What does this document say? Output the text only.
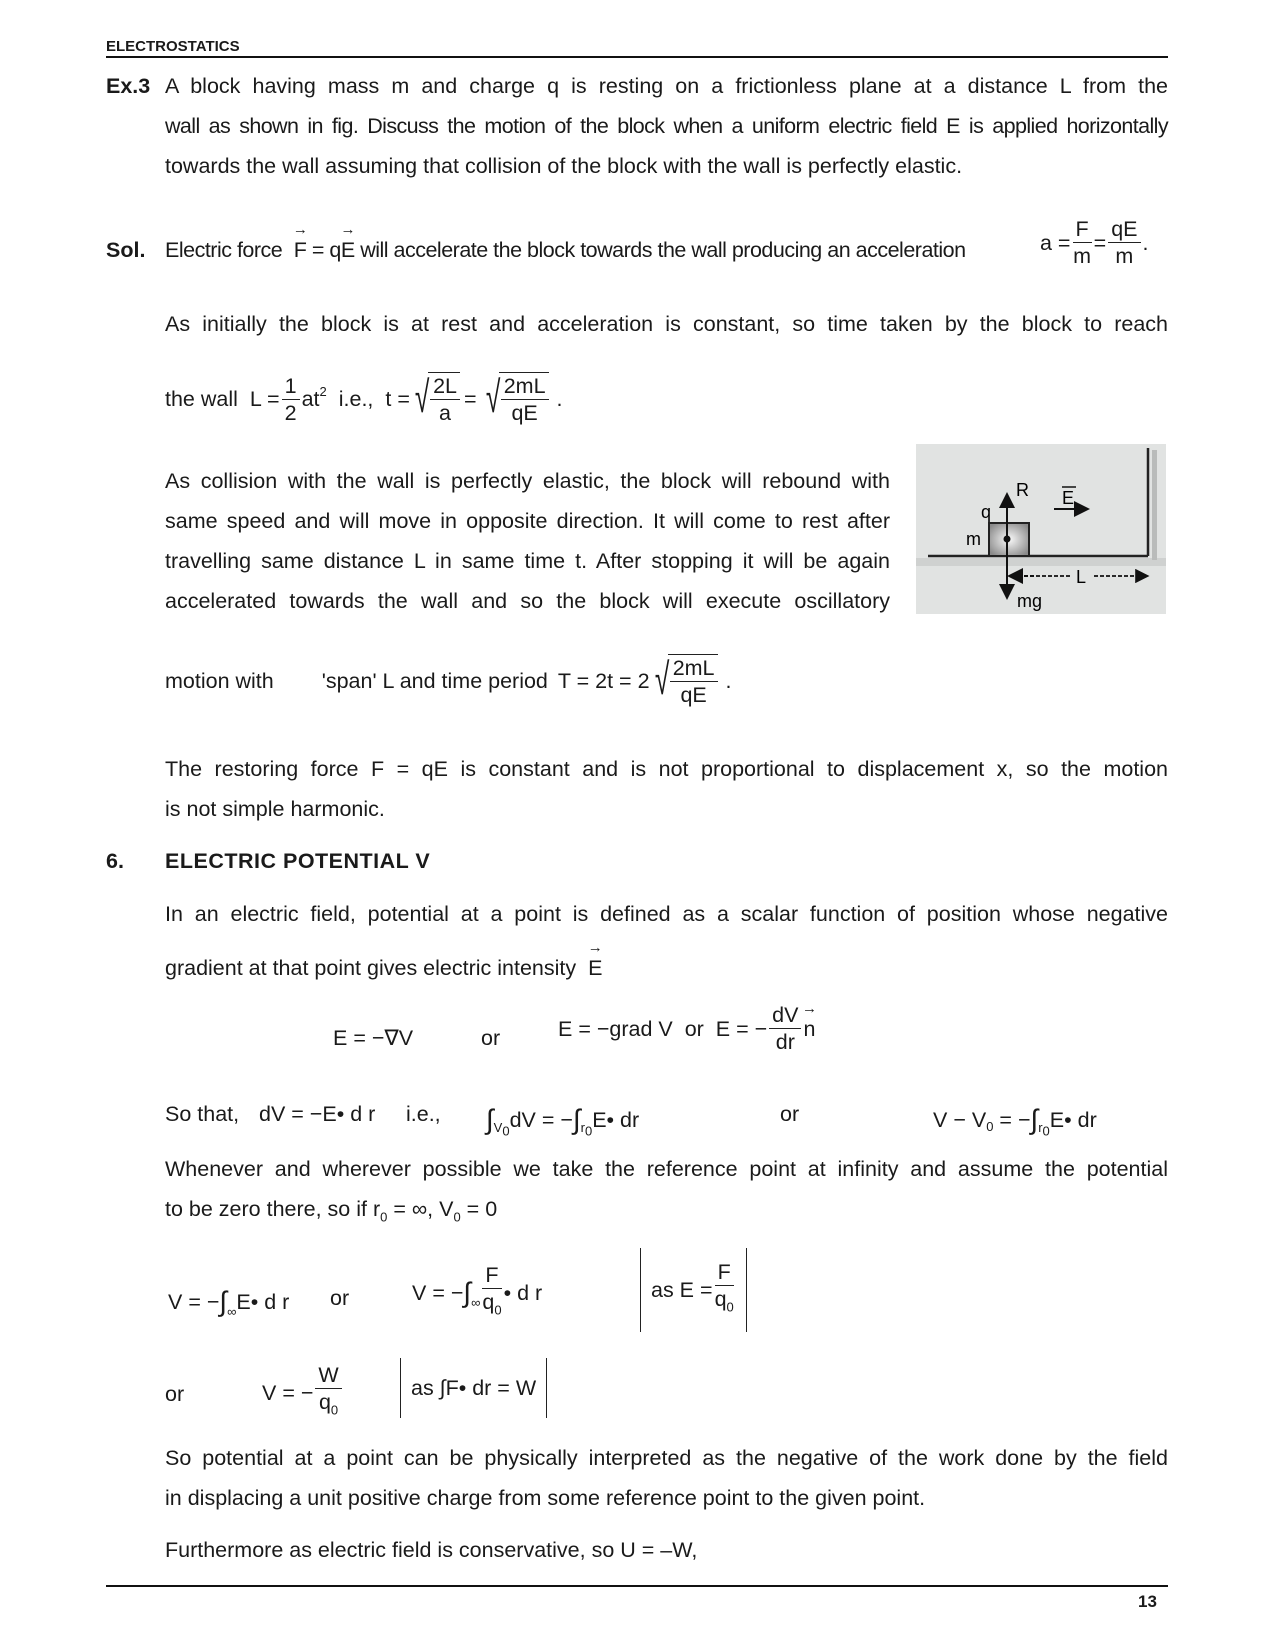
ELECTROSTATICS
Ex.3 A block having mass m and charge q is resting on a frictionless plane at a distance L from the
wall as shown in fig. Discuss the motion of the block when a uniform electric field E is applied horizontally
towards the wall assuming that collision of the block with the wall is perfectly elastic.
Sol. Electric force → F = q→ E will accelerate the block towards the wall producing an acceleration	$a = \frac{F}{m} = \frac{qE}{m}$ .
As initially the block is at rest and acceleration is constant, so time taken by the block to reach
the wall $L = \frac{1}{2} at^2$ i.e., t = √
$\frac{2L}{a}$ = √
$\frac{2mL}{qE}$ .
As collision with the wall is perfectly elastic, the block will rebound with
same speed and will move in opposite direction. It will come to rest after
travelling same distance L in same time t. After stopping it will be again
accelerated towards the wall and so the block will execute oscillatory
R E
q
m
L
mg
motion with 'span' L and time period T = 2t = 2 √
$\frac{2mL}{qE}$ .
The restoring force F = qE is constant and is not proportional to displacement x, so the motion
is not simple harmonic.
6. ELECTRIC POTENTIAL V
In an electric field, potential at a point is defined as a scalar function of position whose negative
gradient at that point gives electric intensity → E
E = −∇V	or	E = −grad V  or  E = − $\frac{dV}{dr} \to n$
So that, dV = −E• d r i.e., $\int_{V_0}$ dV = − $\int_{r_0}$ E• dr	or	$V - V_0$ = − $\int_{r_0}$ E• dr
Whenever and wherever possible we take the reference point at infinity and assume the potential
to be zero there, so if $r_0$ = ∞, $V_0 = 0$
V = − $\int_\infty$ E• d r or	V = − $\int_\infty \frac{F}{q_0}$ • d r	as $E = \frac{F}{q_0}$
or	V = − $\frac{W}{q_0}$	as ∫F• dr = W
So potential at a point can be physically interpreted as the negative of the work done by the field
in displacing a unit positive charge from some reference point to the given point.
Furthermore as electric field is conservative, so U = –W,
13
